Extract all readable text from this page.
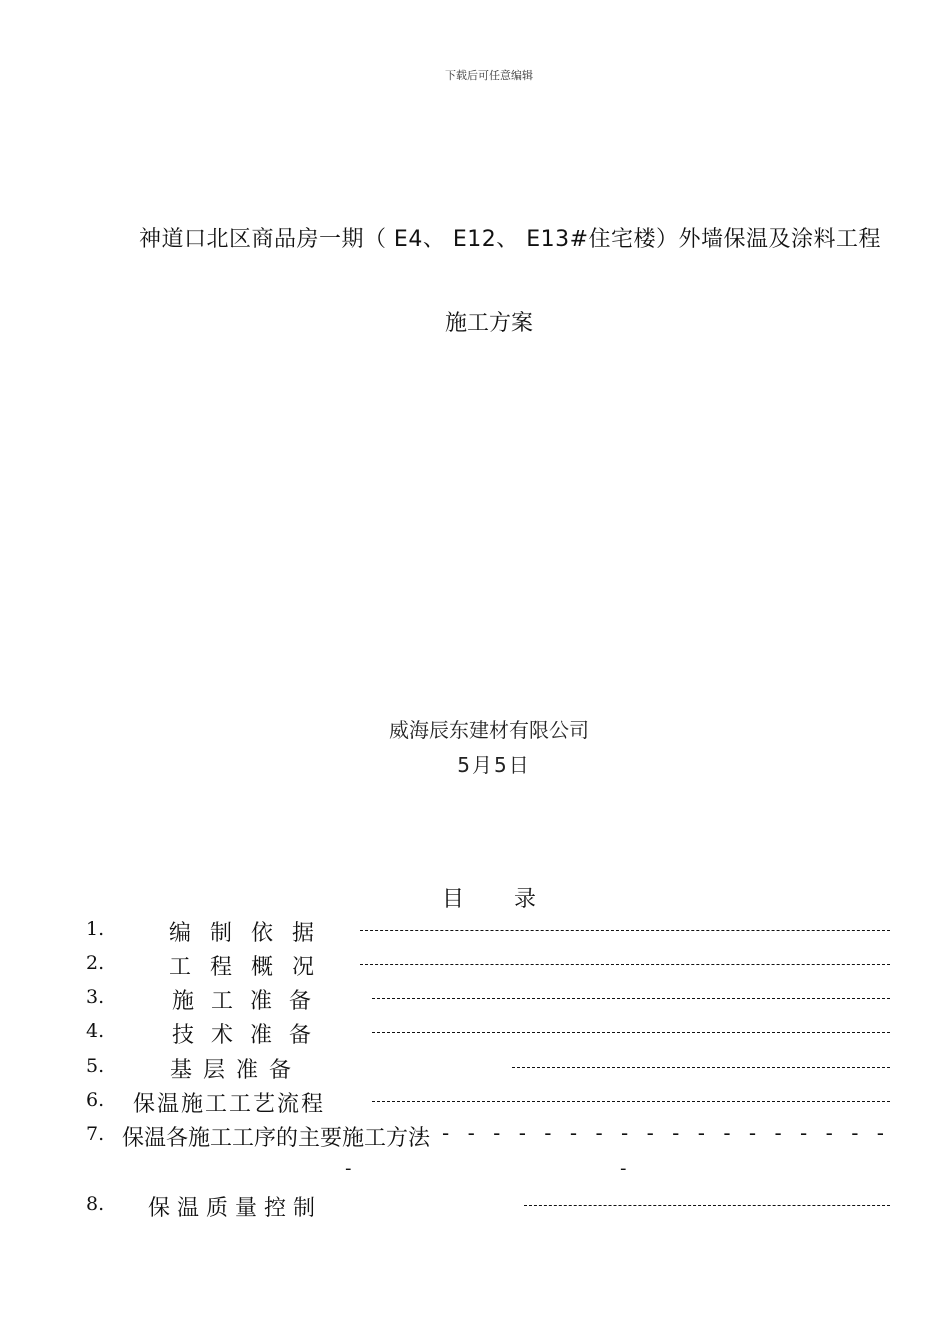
下载后可任意编辑
神道口北区商品房一期（ E4、 E12、 E13#住宅楼）外墙保温及涂料工程
施工方案
威海辰东建材有限公司
5月5日
目 录
1.	编 制 依 据
2.	工 程 概 况
3.	施 工 准 备
4.	技 术 准 备
5.	基 层 准 备
6. 保温施工工艺流程
7. 保温各施工工序的主要施工方法
- - - - - - - - - - - - - - - - - - -
-	-
8. 保 温 质 量 控 制
